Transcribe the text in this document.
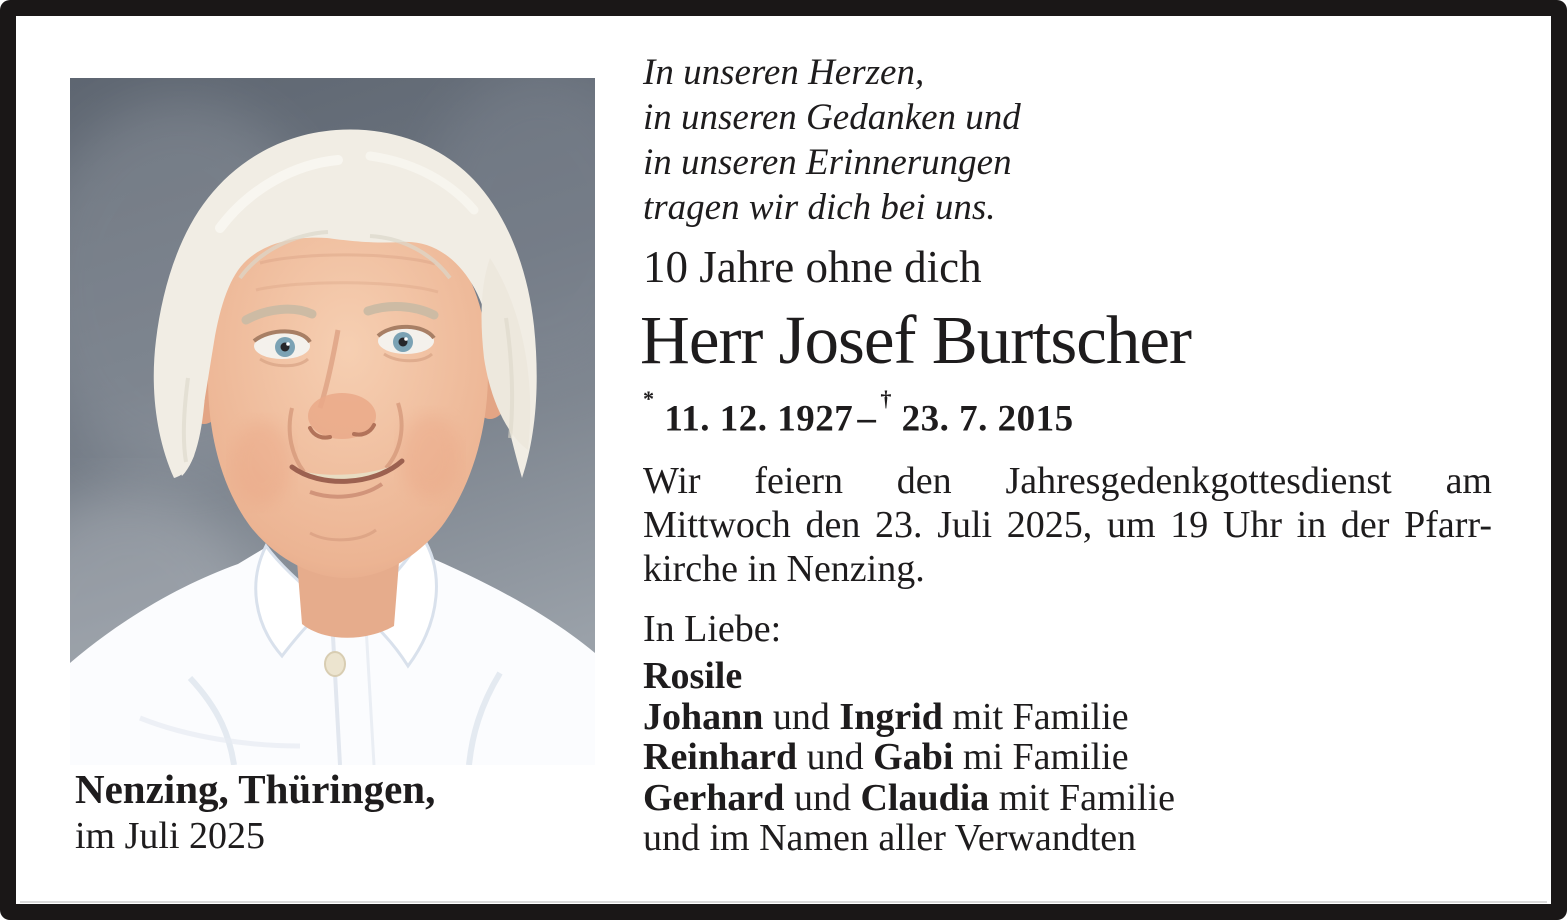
In unseren Herzen,
in unseren Gedanken und
in unseren Erinnerungen
tragen wir dich bei uns.
10 Jahre ohne dich
Herr Josef Burtscher
* 11. 12. 1927 – † 23. 7. 2015
Wir feiern den Jahresgedenkgottesdienst am
Mittwoch den 23. Juli 2025, um 19 Uhr in der Pfarr-
kirche in Nenzing.
In Liebe:
Rosile
Johann und Ingrid mit Familie
Reinhard und Gabi mi Familie
Gerhard und Claudia mit Familie
und im Namen aller Verwandten
Nenzing, Thüringen,
im Juli 2025
